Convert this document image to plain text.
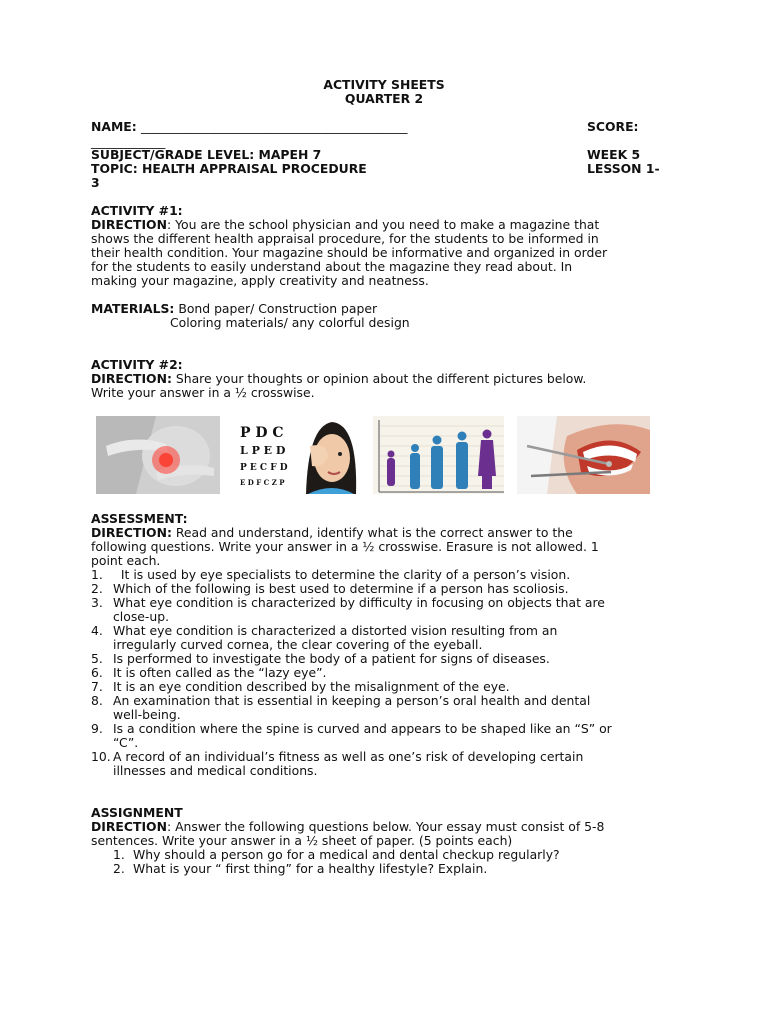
ACTIVITY SHEETS
QUARTER 2
NAME: ___________________________________________	SCORE:
____________
SUBJECT/GRADE LEVEL: MAPEH 7	WEEK 5
TOPIC: HEALTH APPRAISAL PROCEDURE	LESSON 1-
3
ACTIVITY #1:
DIRECTION: You are the school physician and you need to make a magazine that
shows the different health appraisal procedure, for the students to be informed in
their health condition. Your magazine should be informative and organized in order
for the students to easily understand about the magazine they read about. In
making your magazine, apply creativity and neatness.
MATERIALS: Bond paper/ Construction paper
Coloring materials/ any colorful design
ACTIVITY #2:
DIRECTION: Share your thoughts or opinion about the different pictures below.
Write your answer in a ½ crosswise.
P D C
L P E D
P E C F D
E D F C Z P
ASSESSMENT:
DIRECTION: Read and understand, identify what is the correct answer to the
following questions. Write your answer in a ½ crosswise. Erasure is not allowed. 1
point each.
1.  It is used by eye specialists to determine the clarity of a person’s vision.
2. Which of the following is best used to determine if a person has scoliosis.
3. What eye condition is characterized by difficulty in focusing on objects that are
close-up.
4. What eye condition is characterized a distorted vision resulting from an
irregularly curved cornea, the clear covering of the eyeball.
5. Is performed to investigate the body of a patient for signs of diseases.
6. It is often called as the “lazy eye”.
7. It is an eye condition described by the misalignment of the eye.
8. An examination that is essential in keeping a person’s oral health and dental
well-being.
9. Is a condition where the spine is curved and appears to be shaped like an “S” or
“C”.
10. A record of an individual’s fitness as well as one’s risk of developing certain
illnesses and medical conditions.
ASSIGNMENT
DIRECTION: Answer the following questions below. Your essay must consist of 5-8
sentences. Write your answer in a ½ sheet of paper. (5 points each)
1. Why should a person go for a medical and dental checkup regularly?
2. What is your “ first thing” for a healthy lifestyle? Explain.
